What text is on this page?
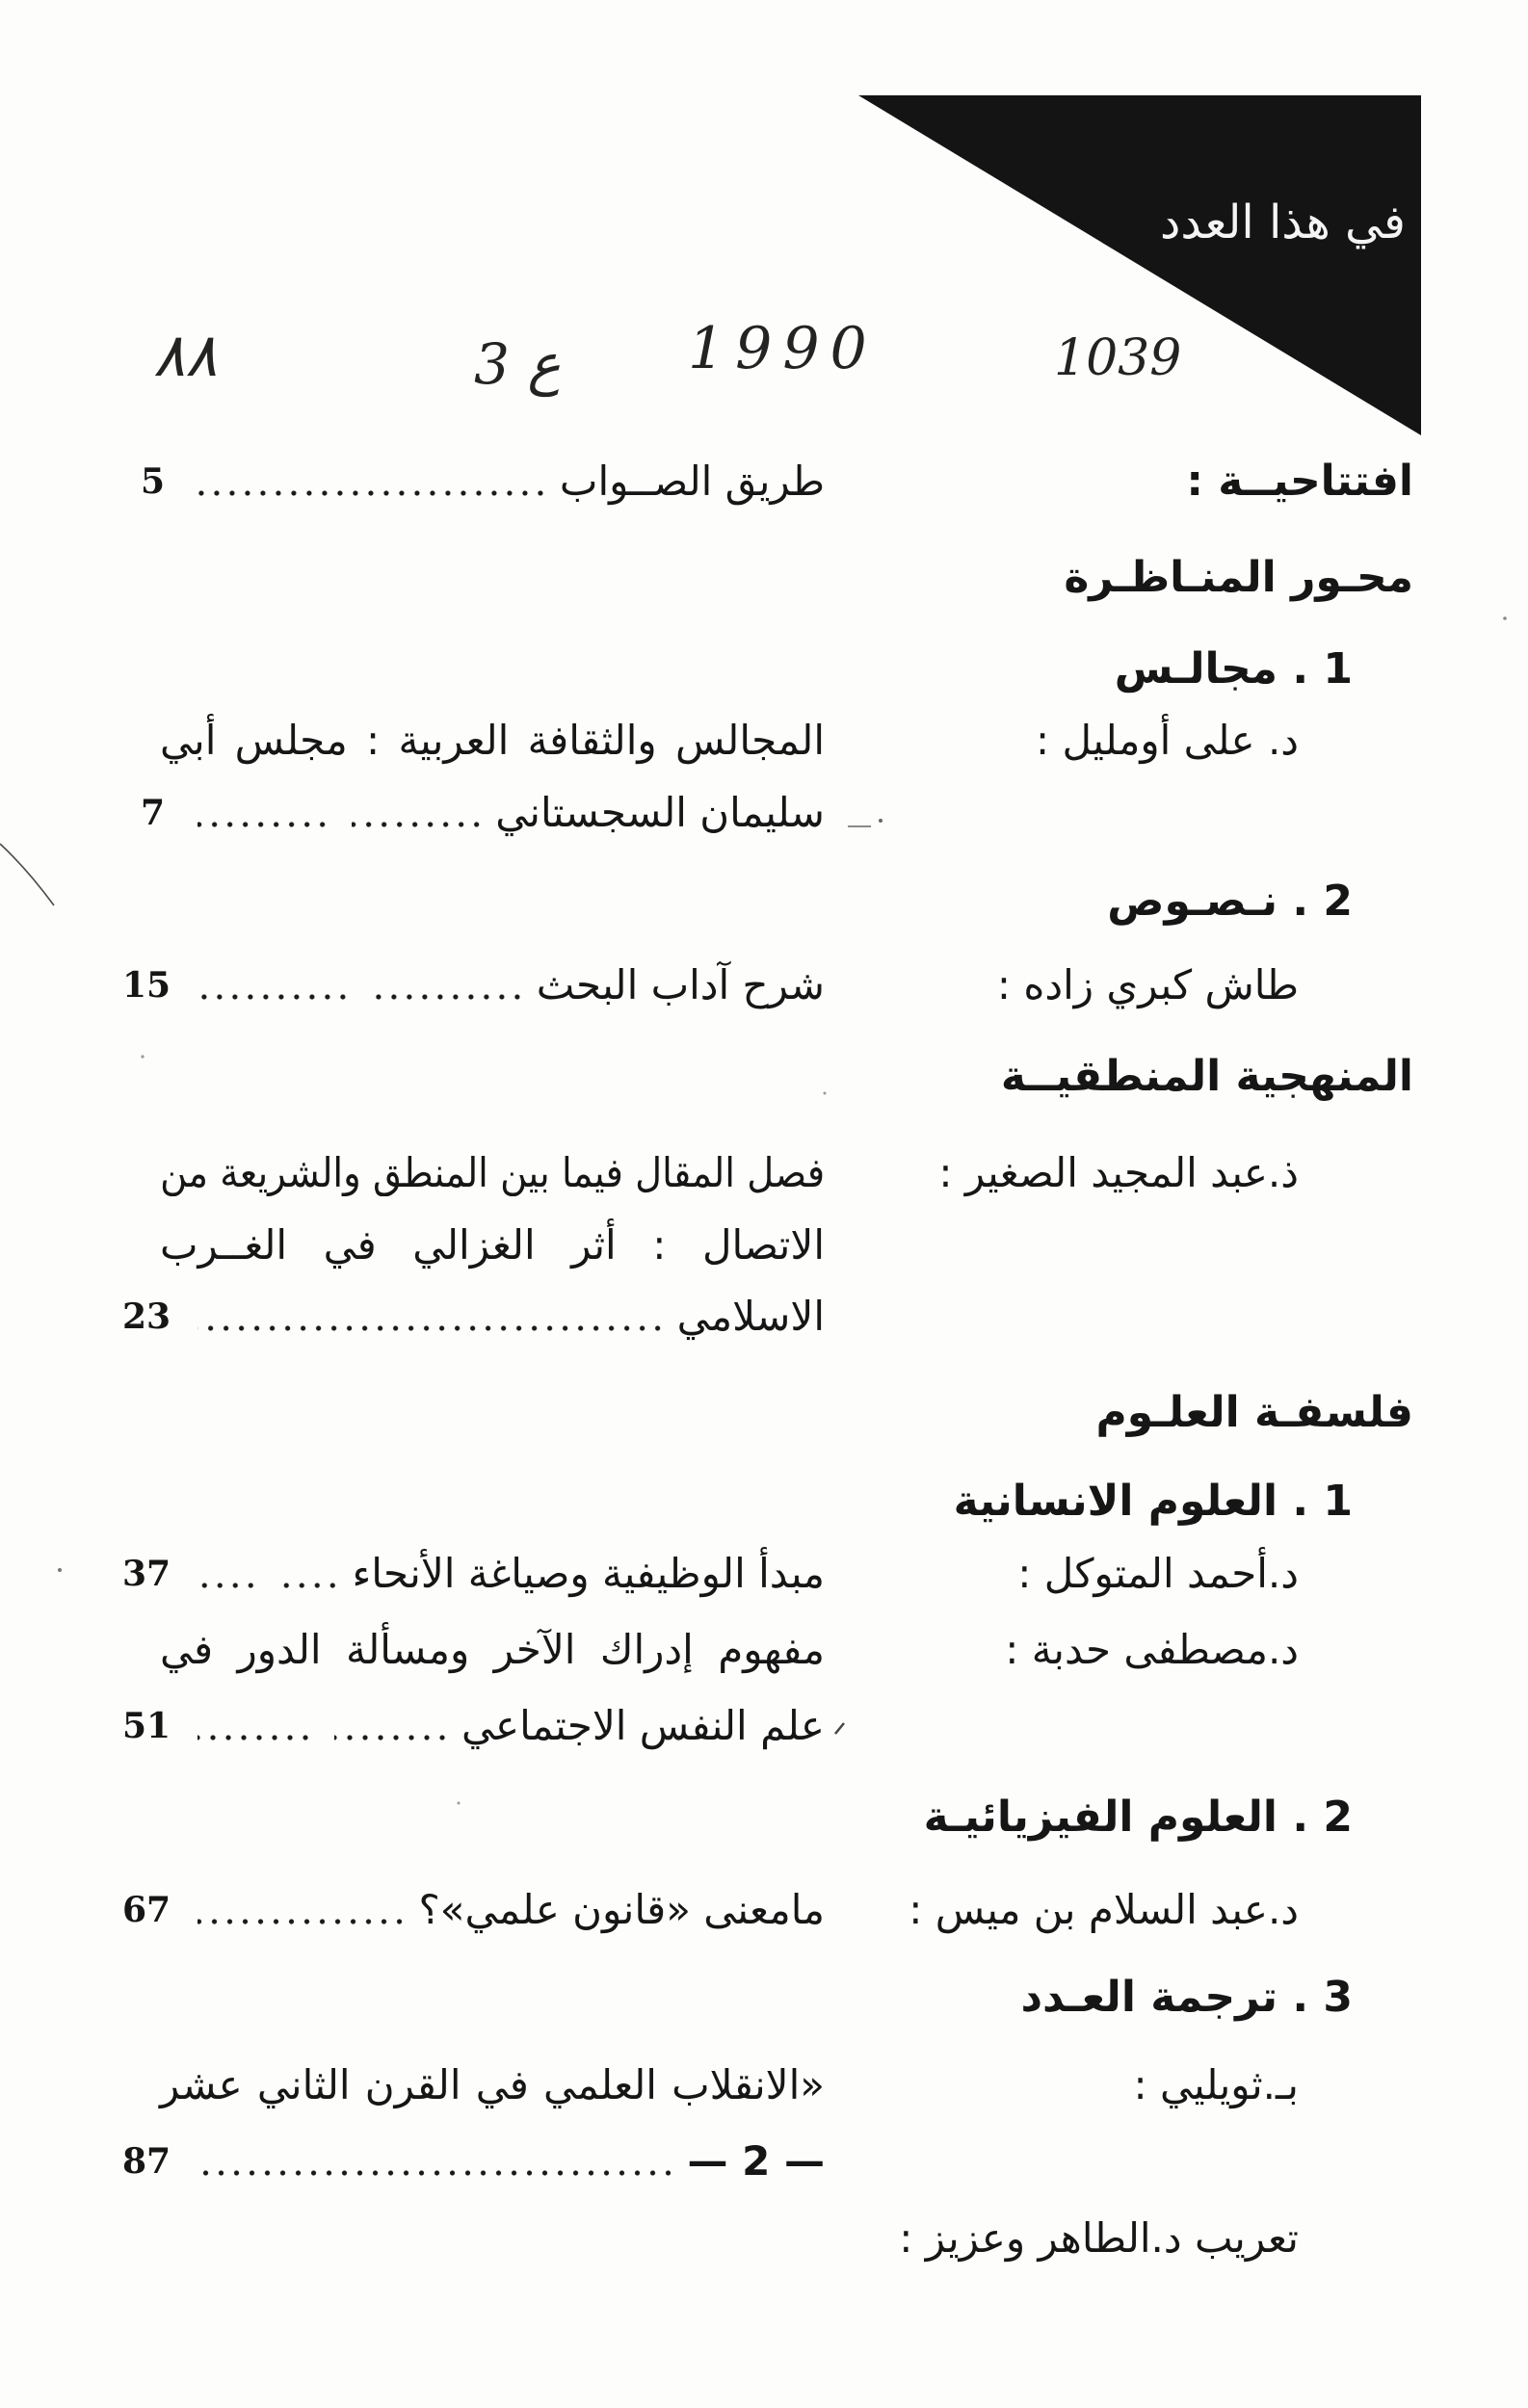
في هذا العدد
٨٨	3 ع 1990	1039
افتتاحيــة :
طريق الصــواب
5
محـور المنـاظـرة
1 . مجالـس
د. على أومليل :
المجالس والثقافة العربية : مجلس أبي
سليمان السجستاني
7
2 . نـصـوص
طاش كبري زاده :
شرح آداب البحث
15
المنهجية المنطقيــة
ذ.عبد المجيد الصغير :
فصل المقال فيما بين المنطق والشريعة من
الاتصال : أثر الغزالي في الغــرب
الاسلامي
23
فلسفـة العلـوم
1 . العلوم الانسانية
د.أحمد المتوكل :
مبدأ الوظيفية وصياغة الأنحاء
37
د.مصطفى حدبة :
مفهوم إدراك الآخر ومسألة الدور في
علم النفس الاجتماعي
51
2 . العلوم الفيزيائيـة
د.عبد السلام بن ميس :
مامعنى «قانون علمي»؟
67
3 . ترجمة العـدد
بـ.ثويليي :
«الانقلاب العلمي في القرن الثاني عشر
— 2 —
87
تعريب د.الطاهر وعزيز :
